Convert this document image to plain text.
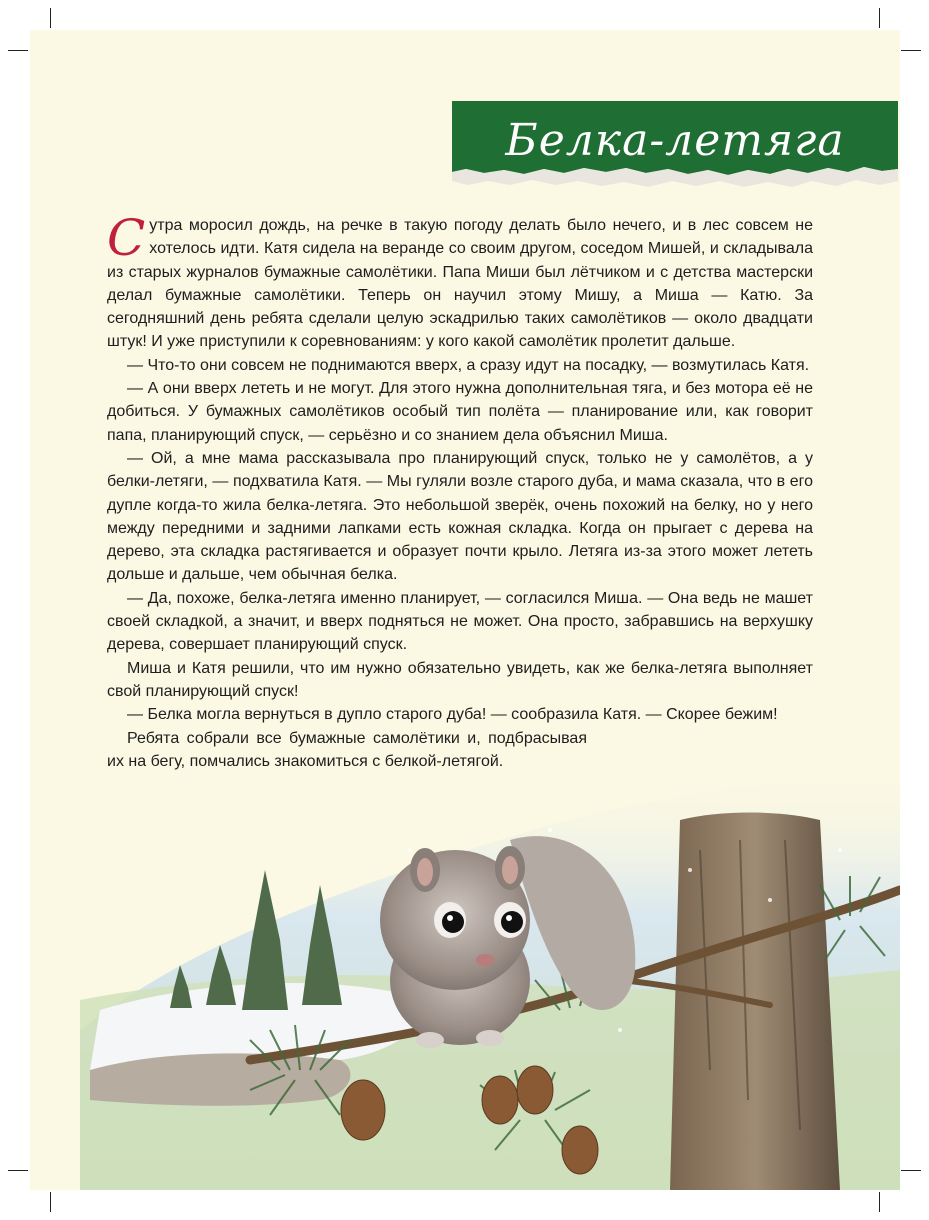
Белка-летяга

Сутра моросил дождь, на речке в такую погоду делать было нечего, и в лес совсем не хотелось идти. Катя сидела на веранде со своим другом, соседом Мишей, и складывала из старых журналов бумажные самолётики. Папа Миши был лётчиком и с детства мастерски делал бумажные самолётики. Теперь он научил этому Мишу, а Миша — Катю. За сегодняшний день ребята сделали целую эскадрилью таких самолётиков — около двадцати штук! И уже приступили к соревнованиям: у кого какой самолётик пролетит дальше.

— Что-то они совсем не поднимаются вверх, а сразу идут на посадку, — возмутилась Катя.

— А они вверх лететь и не могут. Для этого нужна дополнительная тяга, и без мотора её не добиться. У бумажных самолётиков особый тип полёта — планирование или, как говорит папа, планирующий спуск, — серьёзно и со знанием дела объяснил Миша.

— Ой, а мне мама рассказывала про планирующий спуск, только не у самолётов, а у белки-летяги, — подхватила Катя. — Мы гуляли возле старого дуба, и мама сказала, что в его дупле когда-то жила белка-летяга. Это небольшой зверёк, очень похожий на белку, но у него между передними и задними лапками есть кожная складка. Когда он прыгает с дерева на дерево, эта складка растягивается и образует почти крыло. Летяга из-за этого может лететь дольше и дальше, чем обычная белка.

— Да, похоже, белка-летяга именно планирует, — согласился Миша. — Она ведь не машет своей складкой, а значит, и вверх подняться не может. Она просто, забравшись на верхушку дерева, совершает планирующий спуск.

Миша и Катя решили, что им нужно обязательно увидеть, как же белка-летяга выполняет свой планирующий спуск!

— Белка могла вернуться в дупло старого дуба! — сообразила Катя. — Скорее бежим!

Ребята собрали все бумажные самолётики и, подбрасывая их на бегу, помчались знакомиться с белкой-летягой.
